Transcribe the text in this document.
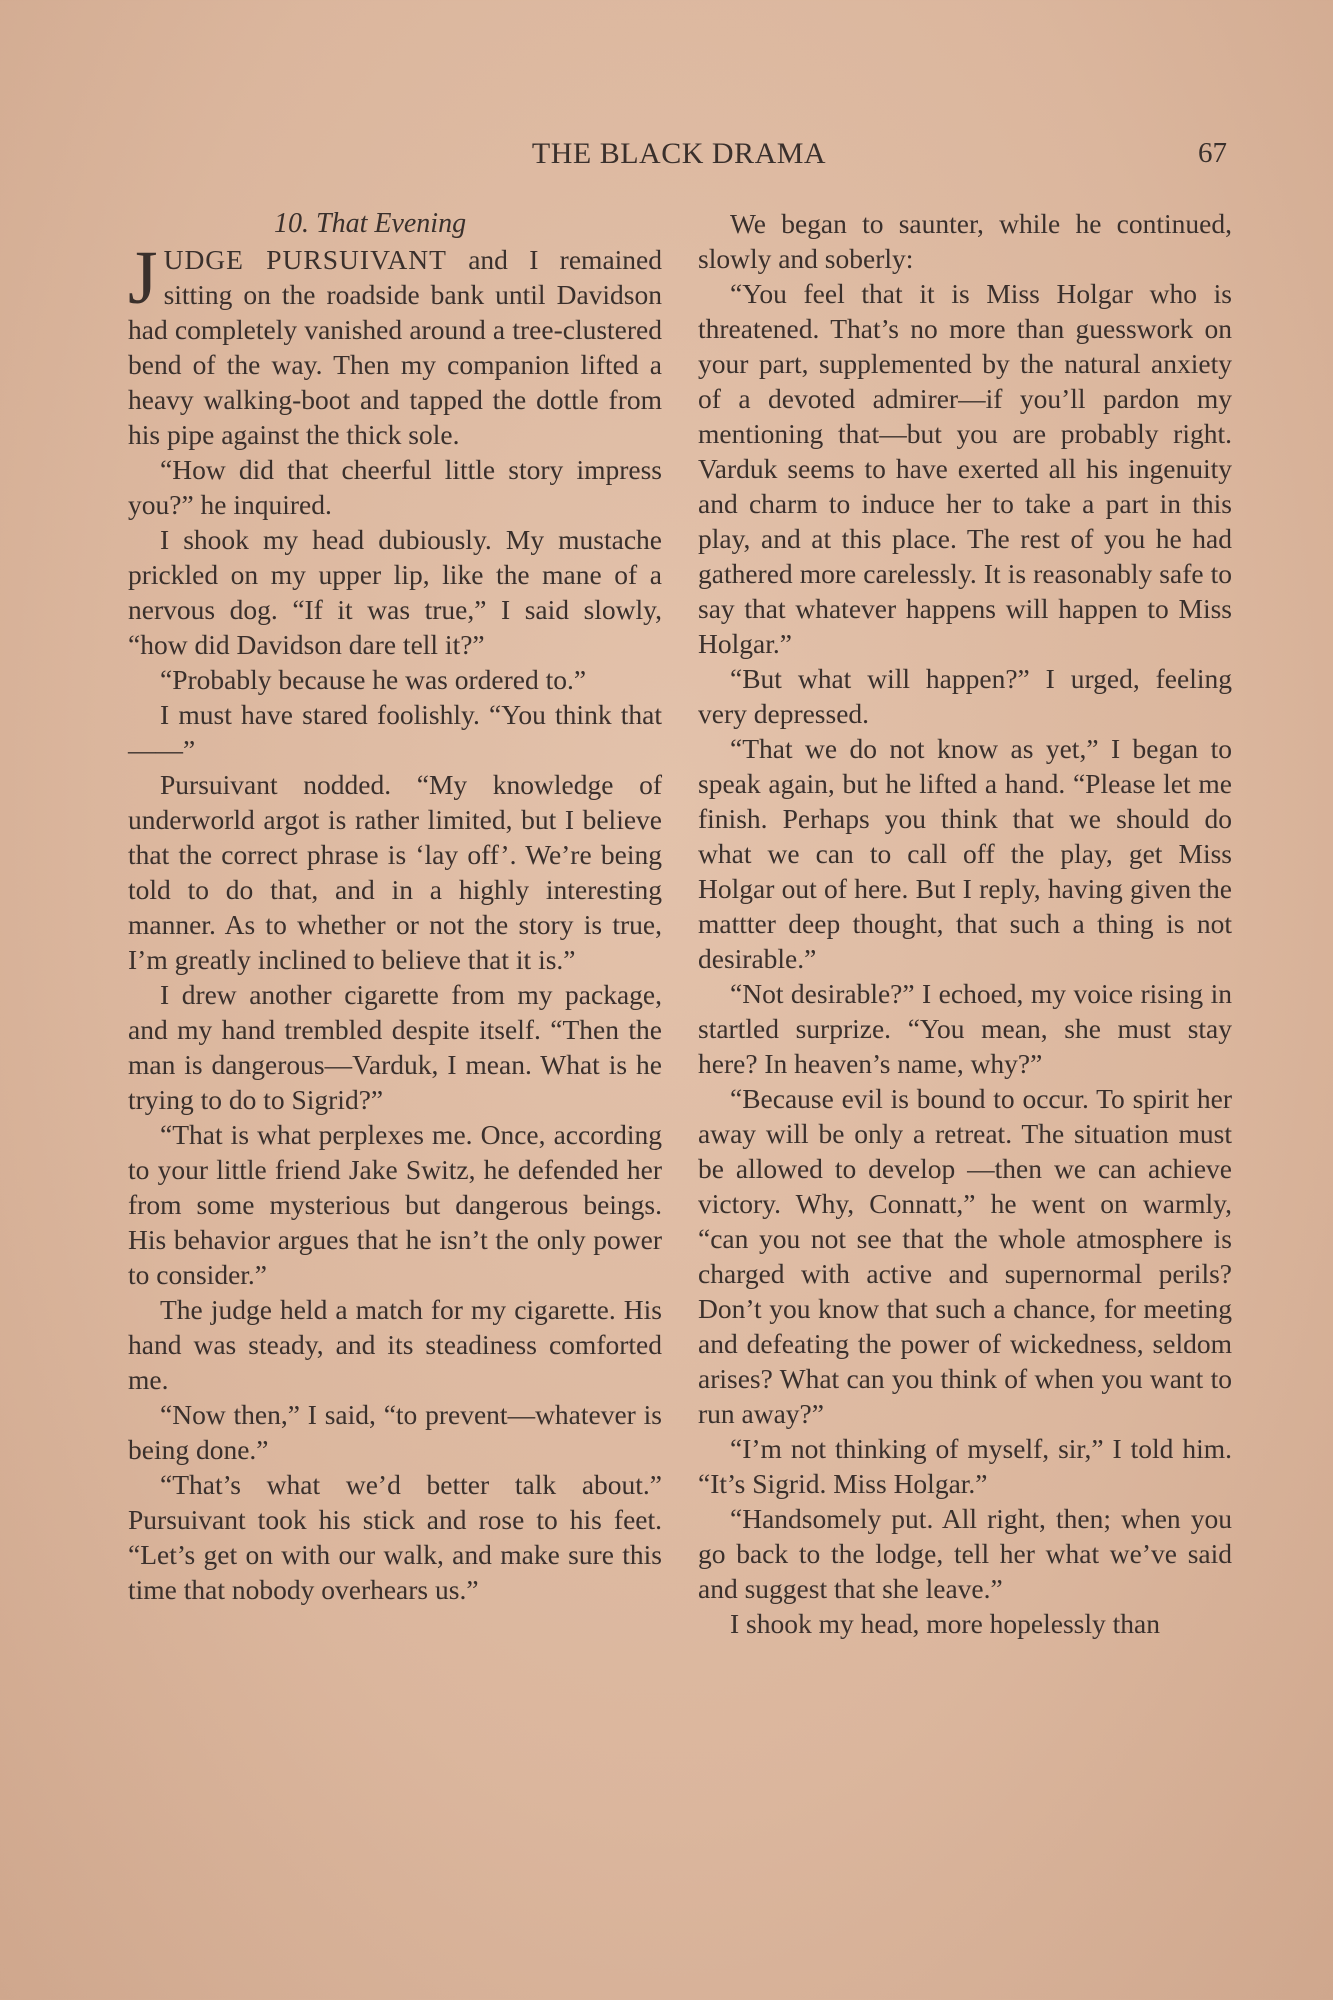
THE BLACK DRAMA	67

10. That Evening

JUDGE PURSUIVANT and I remained sitting on the roadside bank until Davidson had completely vanished around a tree-clustered bend of the way. Then my companion lifted a heavy walking-boot and tapped the dottle from his pipe against the thick sole.

“How did that cheerful little story impress you?” he inquired.

I shook my head dubiously. My mustache prickled on my upper lip, like the mane of a nervous dog. “If it was true,” I said slowly, “how did Davidson dare tell it?”

“Probably because he was ordered to.”

I must have stared foolishly. “You think that——”

Pursuivant nodded. “My knowledge of underworld argot is rather limited, but I believe that the correct phrase is ‘lay off’. We’re being told to do that, and in a highly interesting manner. As to whether or not the story is true, I’m greatly inclined to believe that it is.”

I drew another cigarette from my package, and my hand trembled despite itself. “Then the man is dangerous—Varduk, I mean. What is he trying to do to Sigrid?”

“That is what perplexes me. Once, according to your little friend Jake Switz, he defended her from some mysterious but dangerous beings. His behavior argues that he isn’t the only power to consider.”

The judge held a match for my cigarette. His hand was steady, and its steadiness comforted me.

“Now then,” I said, “to prevent—whatever is being done.”

“That’s what we’d better talk about.” Pursuivant took his stick and rose to his feet. “Let’s get on with our walk, and make sure this time that nobody overhears us.”

We began to saunter, while he continued, slowly and soberly:

“You feel that it is Miss Holgar who is threatened. That’s no more than guesswork on your part, supplemented by the natural anxiety of a devoted admirer—if you’ll pardon my mentioning that—but you are probably right. Varduk seems to have exerted all his ingenuity and charm to induce her to take a part in this play, and at this place. The rest of you he had gathered more carelessly. It is reasonably safe to say that whatever happens will happen to Miss Holgar.”

“But what will happen?” I urged, feeling very depressed.

“That we do not know as yet,” I began to speak again, but he lifted a hand. “Please let me finish. Perhaps you think that we should do what we can to call off the play, get Miss Holgar out of here. But I reply, having given the mattter deep thought, that such a thing is not desirable.”

“Not desirable?” I echoed, my voice rising in startled surprize. “You mean, she must stay here? In heaven’s name, why?”

“Because evil is bound to occur. To spirit her away will be only a retreat. The situation must be allowed to develop —then we can achieve victory. Why, Connatt,” he went on warmly, “can you not see that the whole atmosphere is charged with active and supernormal perils? Don’t you know that such a chance, for meeting and defeating the power of wickedness, seldom arises? What can you think of when you want to run away?”

“I’m not thinking of myself, sir,” I told him. “It’s Sigrid. Miss Holgar.”

“Handsomely put. All right, then; when you go back to the lodge, tell her what we’ve said and suggest that she leave.”

I shook my head, more hopelessly than
